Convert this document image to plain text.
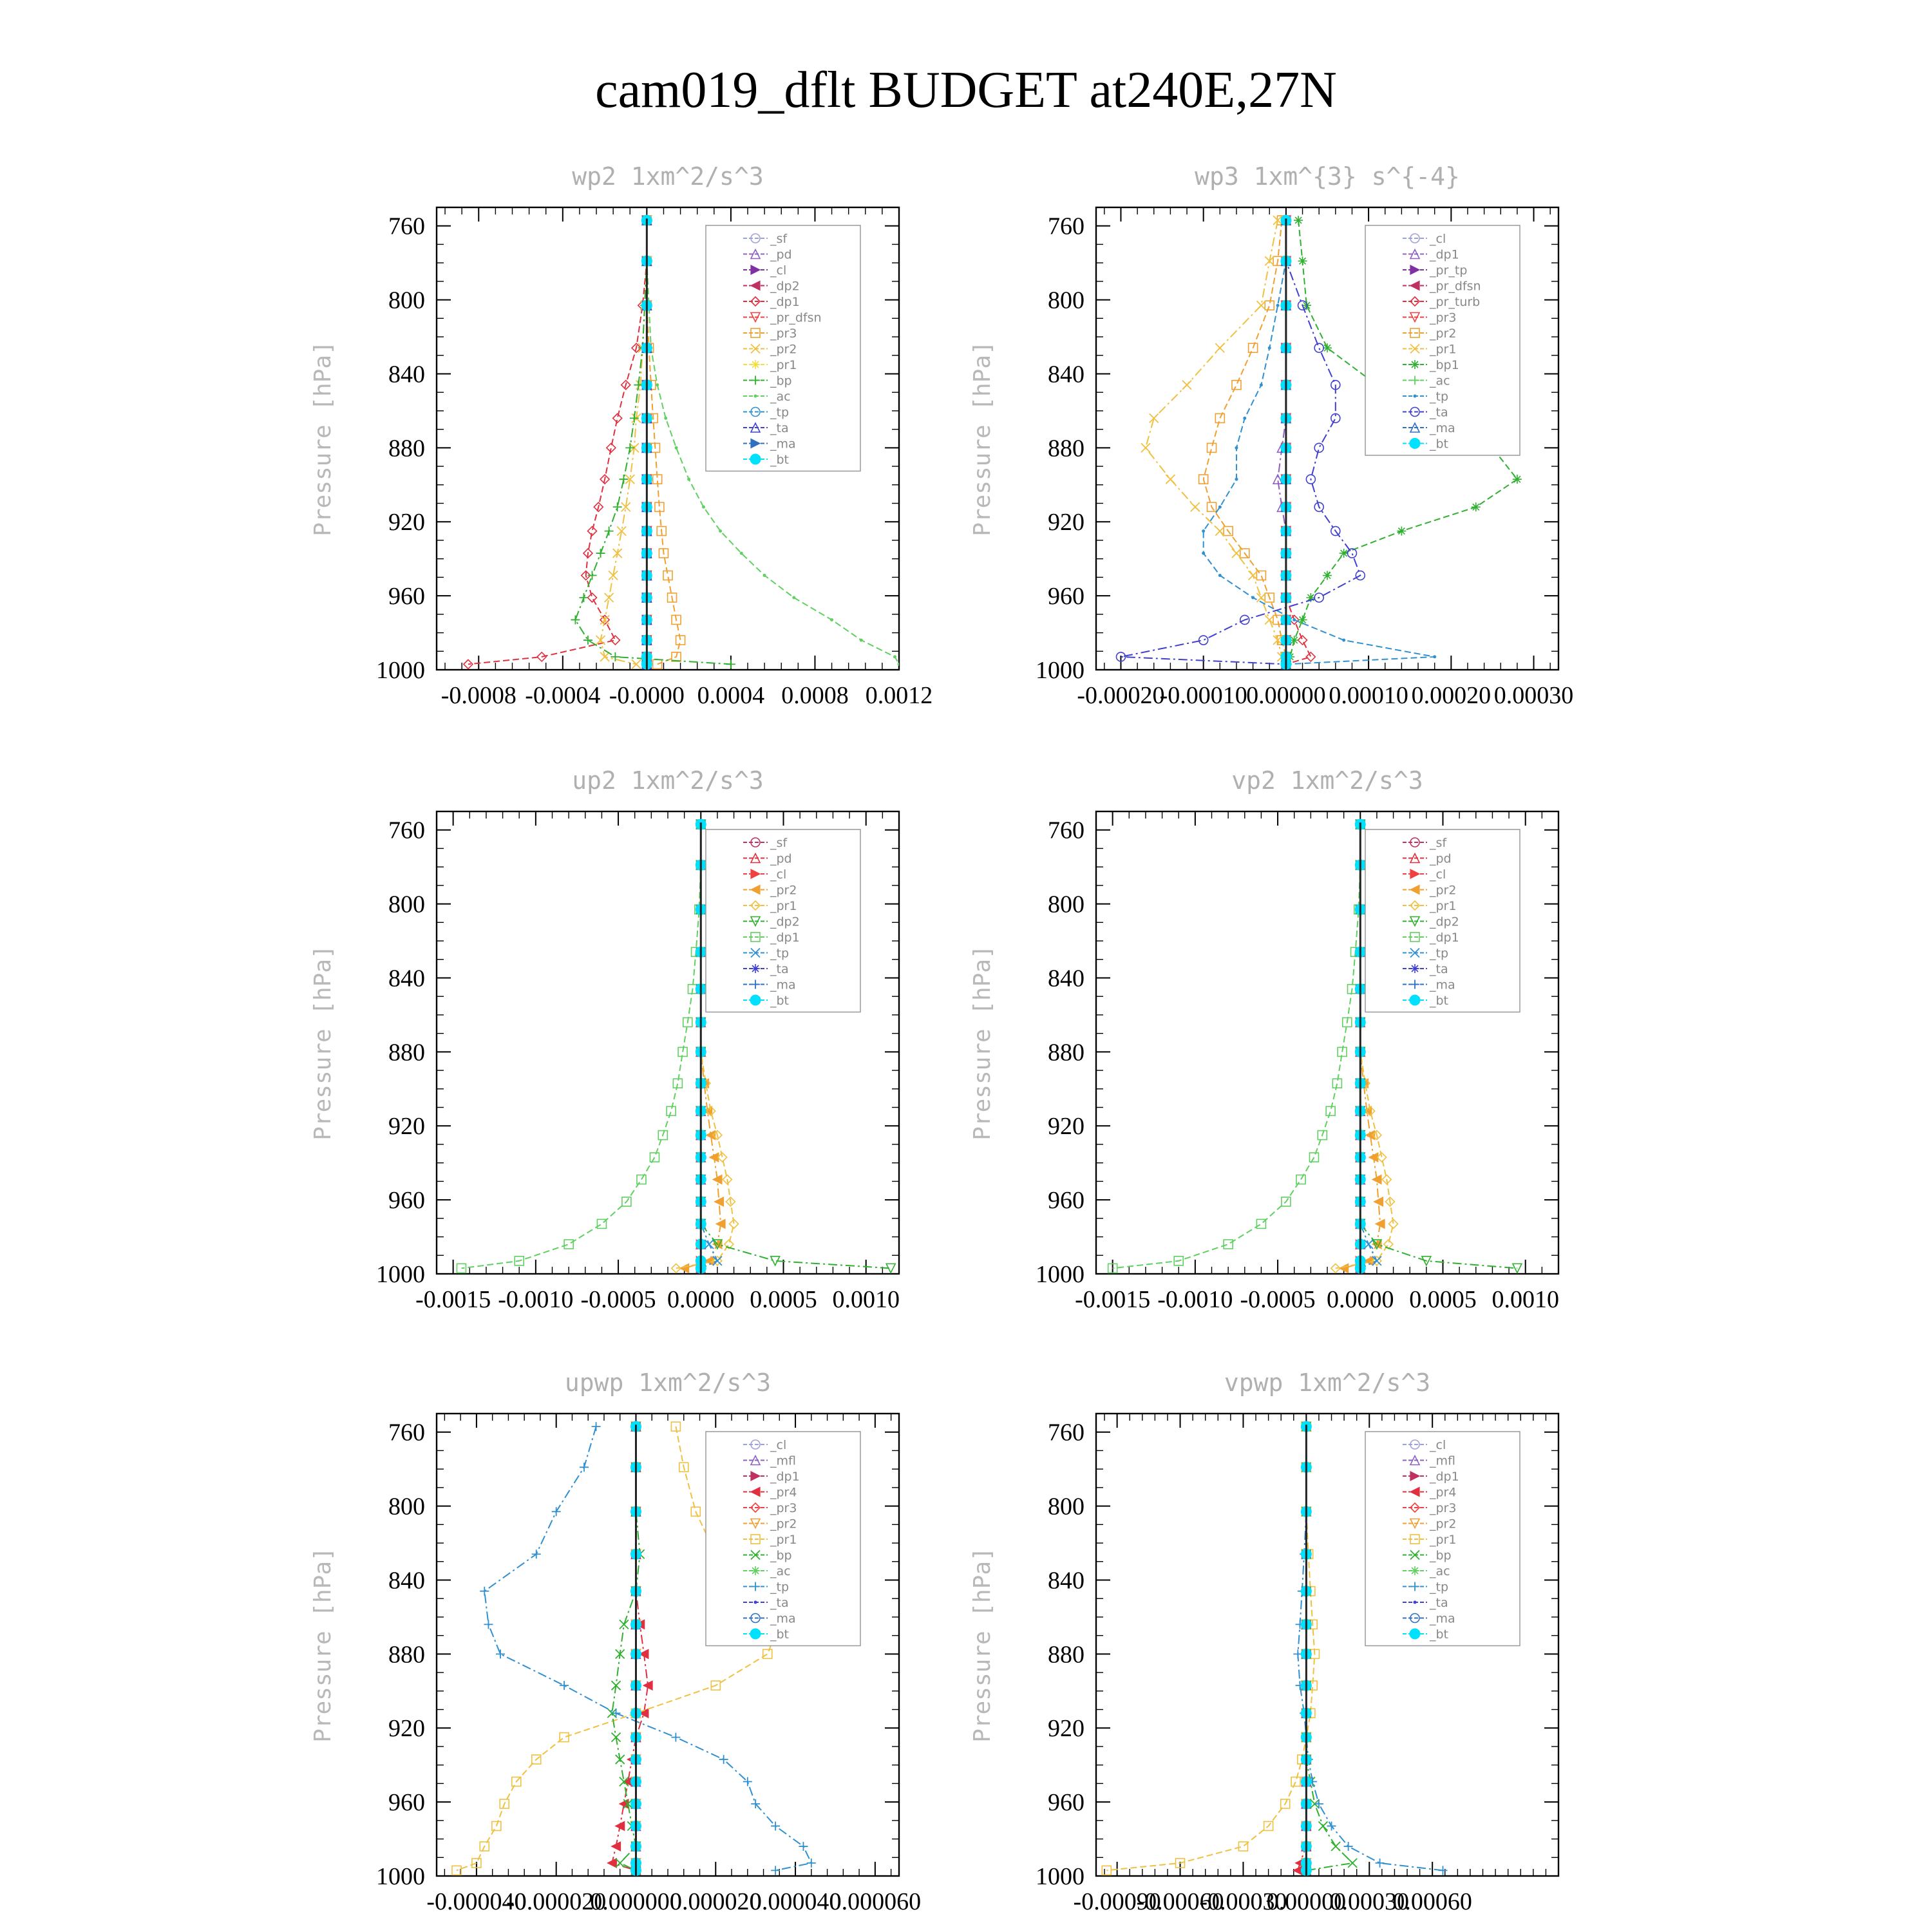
cam019_dflt BUDGET at240E,27N
wp2 1xm^2/s^3
Pressure [hPa]
760
800
840
880
920
960
1000
-0.0008 -0.0004 -0.0000 0.0004 0.0008 0.0012
_sf
_pd
_cl
_dp2
_dp1
_pr_dfsn
_pr3
_pr2
_pr1
_bp
_ac
_tp
_ta
_ma
_bt
wp3 1xm^{3} s^{-4}
Pressure [hPa]
760
800
840
880
920
960
1000
-0.00020
-0.00010
0.00000 0.00010 0.00020 0.00030
_cl
_dp1
_pr_tp
_pr_dfsn
_pr_turb
_pr3
_pr2
_pr1
_bp1
_ac
_tp
_ta
_ma
_bt
up2 1xm^2/s^3
Pressure [hPa]
760
800
840
880
920
960
1000
-0.0015 -0.0010 -0.0005 0.0000 0.0005 0.0010
_sf
_pd
_cl
_pr2
_pr1
_dp2
_dp1
_tp
_ta
_ma
_bt
vp2 1xm^2/s^3
Pressure [hPa]
760
800
840
880
920
960
1000
-0.0015 -0.0010 -0.0005 0.0000 0.0005 0.0010
_sf
_pd
_cl
_pr2
_pr1
_dp2
_dp1
_tp
_ta
_ma
_bt
upwp 1xm^2/s^3
Pressure [hPa]
760
800
840
880
920
960
1000
-0.000040
-0.000020
0.000000
0.000020
0.000040
0.000060
_cl
_mfl
_dp1
_pr4
_pr3
_pr2
_pr1
_bp
_ac
_tp
_ta
_ma
_bt
vpwp 1xm^2/s^3
Pressure [hPa]
760
800
840
880
920
960
1000
-0.00090
-0.00060
-0.00030
0.00000
0.00030
0.00060
_cl
_mfl
_dp1
_pr4
_pr3
_pr2
_pr1
_bp
_ac
_tp
_ta
_ma
_bt
